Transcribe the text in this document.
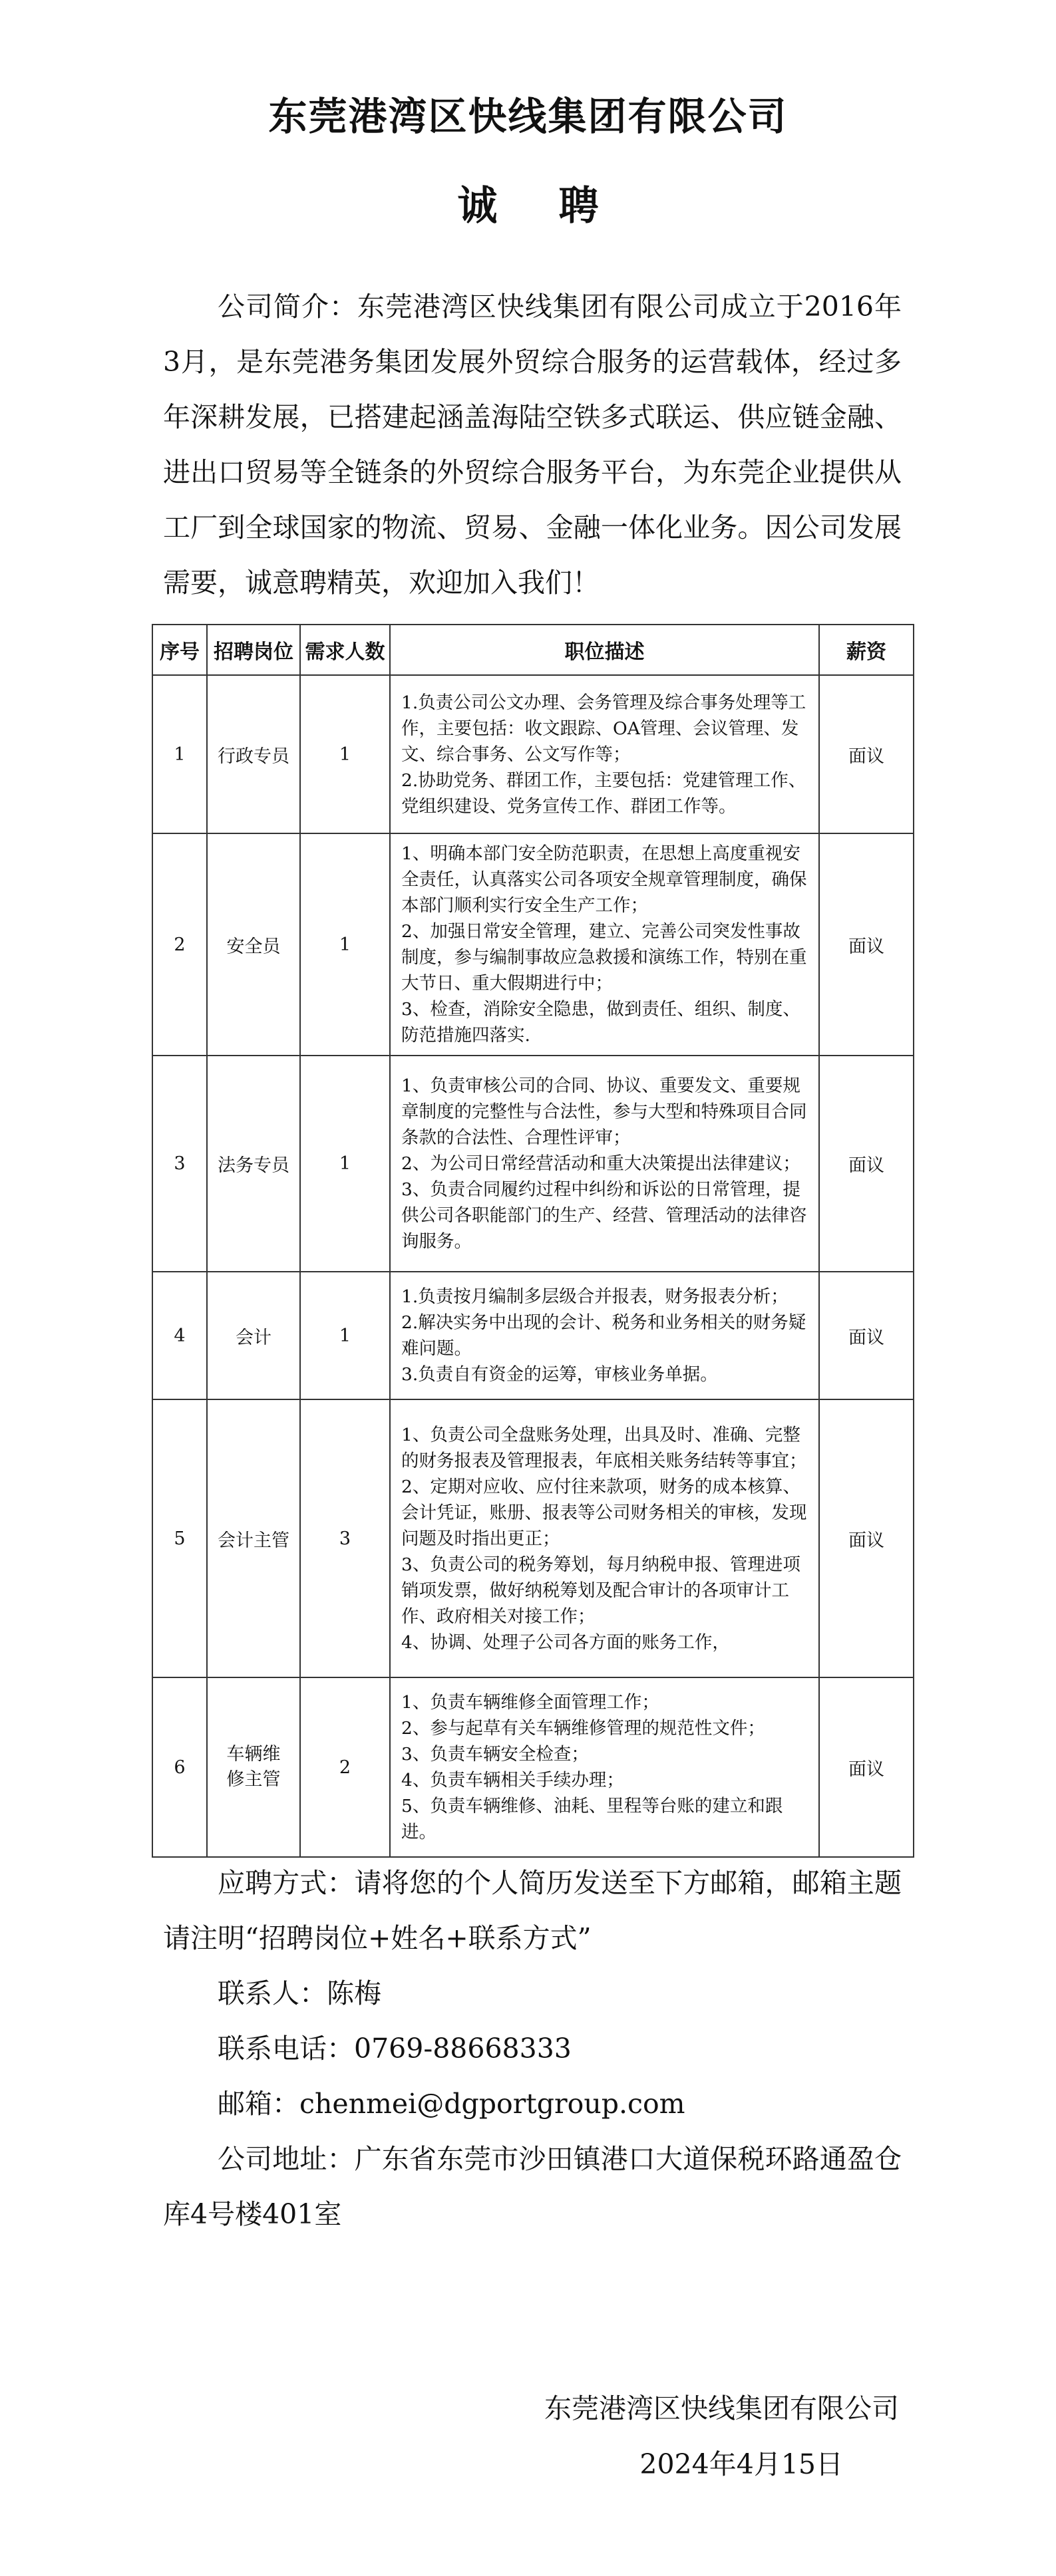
东莞港湾区快线集团有限公司
诚 聘
公司简介：东莞港湾区快线集团有限公司成立于2016年3月，是东莞港务集团发展外贸综合服务的运营载体，经过多年深耕发展，已搭建起涵盖海陆空铁多式联运、供应链金融、进出口贸易等全链条的外贸综合服务平台，为东莞企业提供从工厂到全球国家的物流、贸易、金融一体化业务。因公司发展需要，诚意聘精英，欢迎加入我们！
序号	招聘岗位	需求人数	职位描述	薪资
1	行政专员	1	1.负责公司公文办理、会务管理及综合事务处理等工作，主要包括：收文跟踪、OA管理、会议管理、发文、综合事务、公文写作等；
2.协助党务、群团工作，主要包括：党建管理工作、党组织建设、党务宣传工作、群团工作等。	面议
2	安全员	1	1、明确本部门安全防范职责，在思想上高度重视安全责任，认真落实公司各项安全规章管理制度，确保本部门顺利实行安全生产工作；
2、加强日常安全管理，建立、完善公司突发性事故制度，参与编制事故应急救援和演练工作，特别在重大节日、重大假期进行中；
3、检查，消除安全隐患，做到责任、组织、制度、防范措施四落实.	面议
3	法务专员	1	1、负责审核公司的合同、协议、重要发文、重要规章制度的完整性与合法性，参与大型和特殊项目合同条款的合法性、合理性评审；
2、为公司日常经营活动和重大决策提出法律建议；
3、负责合同履约过程中纠纷和诉讼的日常管理，提供公司各职能部门的生产、经营、管理活动的法律咨询服务。	面议
4	会计	1	1.负责按月编制多层级合并报表，财务报表分析；
2.解决实务中出现的会计、税务和业务相关的财务疑难问题。
3.负责自有资金的运筹，审核业务单据。	面议
5	会计主管	3	1、负责公司全盘账务处理，出具及时、准确、完整的财务报表及管理报表，年底相关账务结转等事宜；
2、定期对应收、应付往来款项，财务的成本核算、会计凭证，账册、报表等公司财务相关的审核，发现问题及时指出更正；
3、负责公司的税务筹划，每月纳税申报、管理进项销项发票，做好纳税筹划及配合审计的各项审计工作、政府相关对接工作；
4、协调、处理子公司各方面的账务工作，	面议
6	车辆维修主管	2	1、负责车辆维修全面管理工作；
2、参与起草有关车辆维修管理的规范性文件；
3、负责车辆安全检查；
4、负责车辆相关手续办理；
5、负责车辆维修、油耗、里程等台账的建立和跟进。	面议
应聘方式：请将您的个人简历发送至下方邮箱，邮箱主题请注明“招聘岗位+姓名+联系方式”
联系人：陈梅
联系电话：0769-88668333
邮箱：chenmei@dgportgroup.com
公司地址：广东省东莞市沙田镇港口大道保税环路通盈仓库4号楼401室
东莞港湾区快线集团有限公司
2024年4月15日
